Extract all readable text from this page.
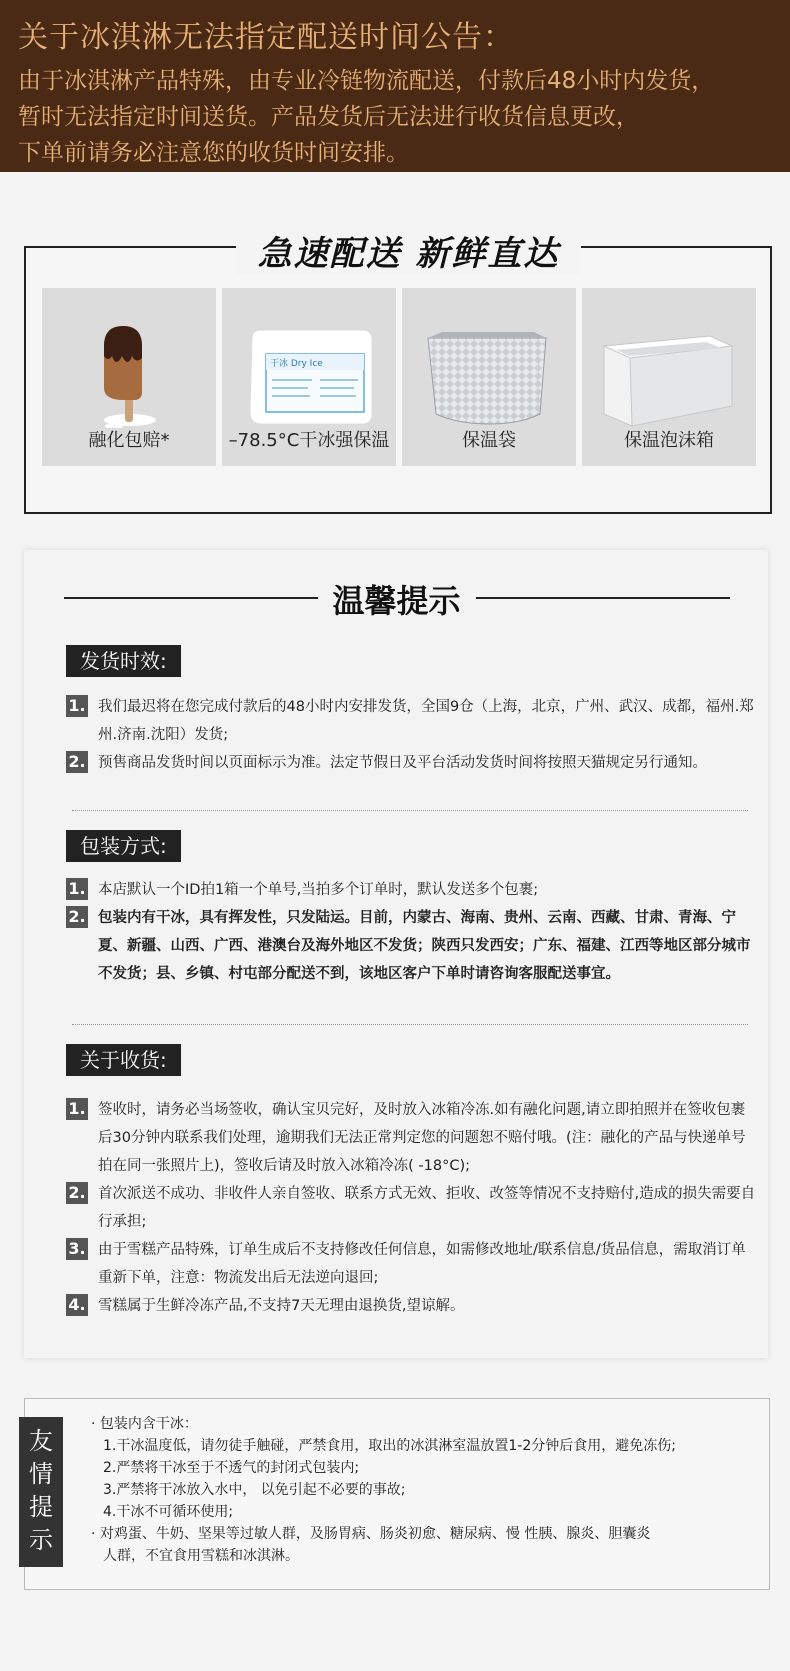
关于冰淇淋无法指定配送时间公告：
由于冰淇淋产品特殊，由专业冷链物流配送，付款后48小时内发货，
暂时无法指定时间送货。产品发货后无法进行收货信息更改，
下单前请务必注意您的收货时间安排。
急速配送 新鲜直达
融化包赔*
干冰 Dry Ice
–78.5°C干冰强保温	保温袋	保温泡沫箱
温馨提示
发货时效:
1. 我们最迟将在您完成付款后的48小时内安排发货，全国9仓（上海，北京，广州、武汉、成都，福州.郑州.济南.沈阳）发货;
2. 预售商品发货时间以页面标示为准。法定节假日及平台活动发货时间将按照天猫规定另行通知。
包装方式:
1. 本店默认一个ID拍1箱一个单号,当拍多个订单时，默认发送多个包裹;
2. 包装内有干冰，具有挥发性，只发陆运。目前，内蒙古、海南、贵州、云南、西藏、甘肃、青海、宁夏、新疆、山西、广西、港澳台及海外地区不发货；陕西只发西安；广东、福建、江西等地区部分城市不发货；县、乡镇、村屯部分配送不到，该地区客户下单时请咨询客服配送事宜。
关于收货:
1. 签收时，请务必当场签收，确认宝贝完好，及时放入冰箱冷冻.如有融化问题,请立即拍照并在签收包裹后30分钟内联系我们处理，逾期我们无法正常判定您的问题恕不赔付哦。(注：融化的产品与快递单号拍在同一张照片上)，签收后请及时放入冰箱冷冻( -18°C);
2. 首次派送不成功、非收件人亲自签收、联系方式无效、拒收、改签等情况不支持赔付,造成的损失需要自行承担;
3. 由于雪糕产品特殊，订单生成后不支持修改任何信息，如需修改地址/联系信息/货品信息，需取消订单重新下单，注意：物流发出后无法逆向退回;
4. 雪糕属于生鲜冷冻产品,不支持7天无理由退换货,望谅解。
友情提示
· 包装内含干冰：
1.干冰温度低，请勿徒手触碰，严禁食用，取出的冰淇淋室温放置1-2分钟后食用，避免冻伤;
2.严禁将干冰至于不透气的封闭式包装内;
3.严禁将干冰放入水中， 以免引起不必要的事故;
4.干冰不可循环使用;
· 对鸡蛋、牛奶、坚果等过敏人群，及肠胃病、肠炎初愈、糖尿病、慢 性胰、腺炎、胆囊炎
人群，不宜食用雪糕和冰淇淋。
